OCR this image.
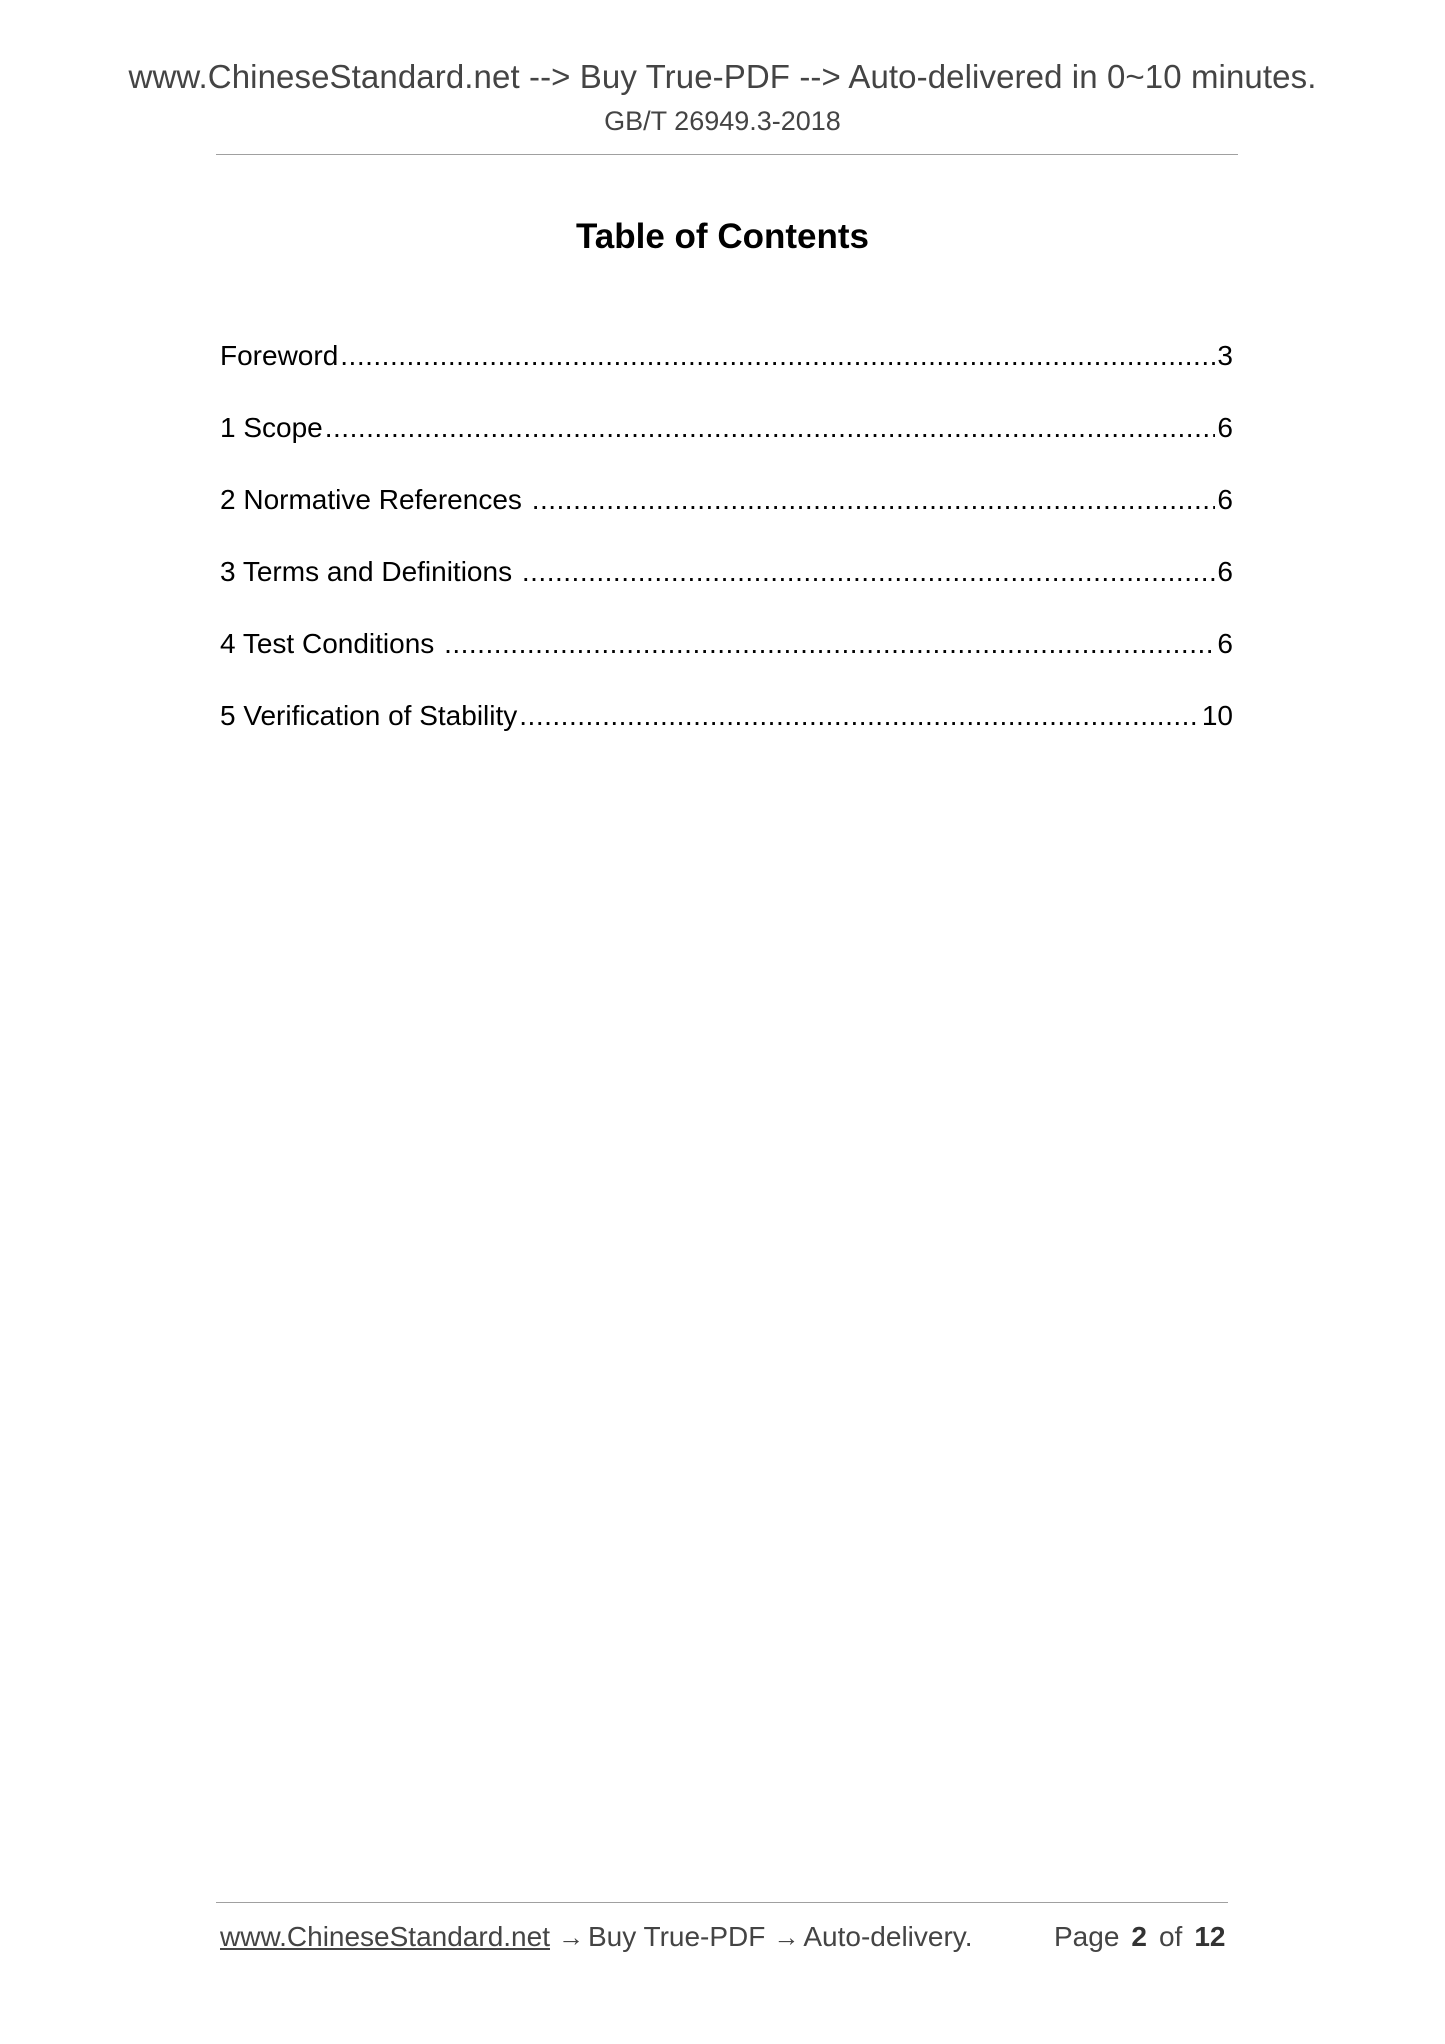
www.ChineseStandard.net --> Buy True-PDF --> Auto-delivered in 0~10 minutes.
GB/T 26949.3-2018
Table of Contents
Foreword .....	3
1 Scope .....	6
2 Normative References .....	6
3 Terms and Definitions .....	6
4 Test Conditions .....	6
5 Verification of Stability .....	10
www.ChineseStandard.net → Buy True-PDF → Auto-delivery.	Page 2 of 12
